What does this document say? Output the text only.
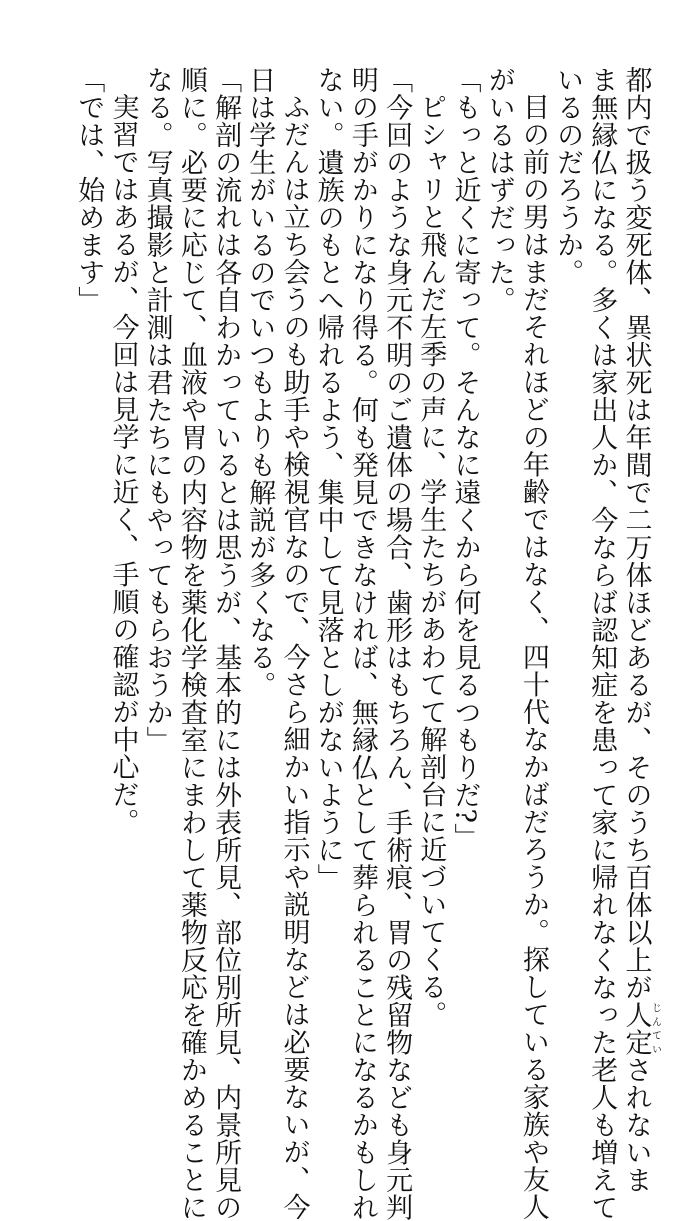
都内で扱う変死体、異状死は年間で二万体ほどあるが、そのうち百体以上が人定じんていされないま

ま無縁仏になる。多くは家出人か、今ならば認知症を患って家に帰れなくなった老人も増えて

いるのだろうか。

目の前の男はまだそれほどの年齢ではなく、四十代なかばだろうか。探している家族や友人

がいるはずだった。

「もっと近くに寄って。そんなに遠くから何を見るつもりだ?」

ピシャリと飛んだ左季の声に、学生たちがあわてて解剖台に近づいてくる。

「今回のような身元不明のご遺体の場合、歯形はもちろん、手術痕、胃の残留物なども身元判

明の手がかりになり得る。何も発見できなければ、無縁仏として葬られることになるかもしれ

ない。遺族のもとへ帰れるよう、集中して見落としがないように」

ふだんは立ち会うのも助手や検視官なので、今さら細かい指示や説明などは必要ないが、今

日は学生がいるのでいつもよりも解説が多くなる。

「解剖の流れは各自わかっているとは思うが、基本的には外表所見、部位別所見、内景所見の

順に。必要に応じて、血液や胃の内容物を薬化学検査室にまわして薬物反応を確かめることに

なる。写真撮影と計測は君たちにもやってもらおうか」

実習ではあるが、今回は見学に近く、手順の確認が中心だ。

「では、始めます」
